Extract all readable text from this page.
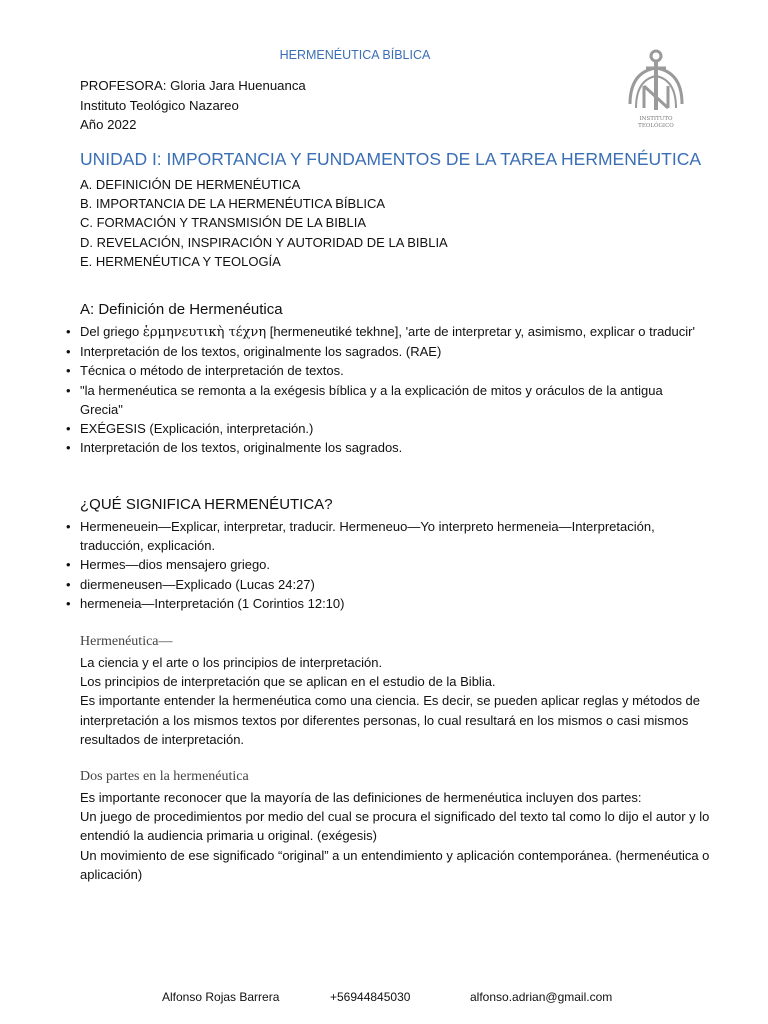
HERMENÉUTICA BÍBLICA
PROFESORA: Gloria Jara Huenuanca
Instituto Teológico Nazareo
Año 2022	INSTITUTO
TEOLÓGICO
UNIDAD I: IMPORTANCIA Y FUNDAMENTOS DE LA TAREA HERMENÉUTICA
A. DEFINICIÓN DE HERMENÉUTICA
B. IMPORTANCIA DE LA HERMENÉUTICA BÍBLICA
C. FORMACIÓN Y TRANSMISIÓN DE LA BIBLIA
D. REVELACIÓN, INSPIRACIÓN Y AUTORIDAD DE LA BIBLIA
E. HERMENÉUTICA Y TEOLOGÍA
A: Definición de Hermenéutica
• Del griego ἑρμηνευτικὴ τέχνη [hermeneutiké tekhne], 'arte de interpretar y, asimismo, explicar o traducir'
• Interpretación de los textos, originalmente los sagrados. (RAE)
• Técnica o método de interpretación de textos.
• "la hermenéutica se remonta a la exégesis bíblica y a la explicación de mitos y oráculos de la antigua Grecia"
• EXÉGESIS (Explicación, interpretación.)
• Interpretación de los textos, originalmente los sagrados.
¿QUÉ SIGNIFICA HERMENÉUTICA?
• Hermeneuein—Explicar, interpretar, traducir. Hermeneuo—Yo interpreto hermeneia—Interpretación, traducción, explicación.
• Hermes—dios mensajero griego.
• diermeneusen—Explicado (Lucas 24:27)
• hermeneia—Interpretación (1 Corintios 12:10)
Hermenéutica—
La ciencia y el arte o los principios de interpretación.
Los principios de interpretación que se aplican en el estudio de la Biblia.
Es importante entender la hermenéutica como una ciencia. Es decir, se pueden aplicar reglas y métodos de interpretación a los mismos textos por diferentes personas, lo cual resultará en los mismos o casi mismos resultados de interpretación.
Dos partes en la hermenéutica
Es importante reconocer que la mayoría de las definiciones de hermenéutica incluyen dos partes:
Un juego de procedimientos por medio del cual se procura el significado del texto tal como lo dijo el autor y lo entendió la audiencia primaria u original. (exégesis)
Un movimiento de ese significado “original” a un entendimiento y aplicación contemporánea. (hermenéutica o aplicación)
Alfonso Rojas Barrera	+56944845030	alfonso.adrian@gmail.com
